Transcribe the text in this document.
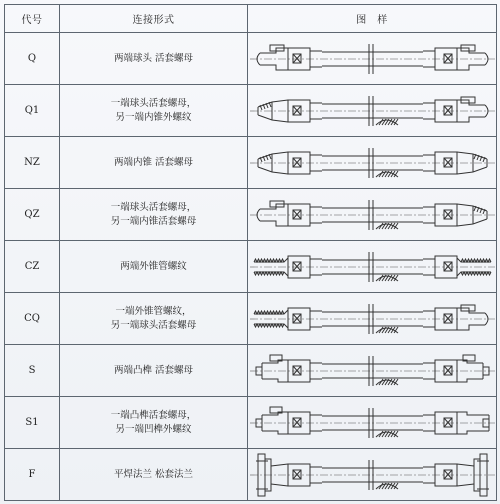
代号	连接形式	图　样
Q	两端球头 活套螺母

Q1	一端球头活套螺母，
另一端内锥外螺纹

NZ	两端内锥 活套螺母

QZ	一端球头活套螺母，
另一端内锥活套螺母

CZ	两端外锥管螺纹

CQ	一端外锥管螺纹，
另一端球头活套螺母

S	两端凸榫 活套螺母

S1	一端凸榫活套螺母，
另一端凹榫外螺纹

F	平焊法兰 松套法兰
